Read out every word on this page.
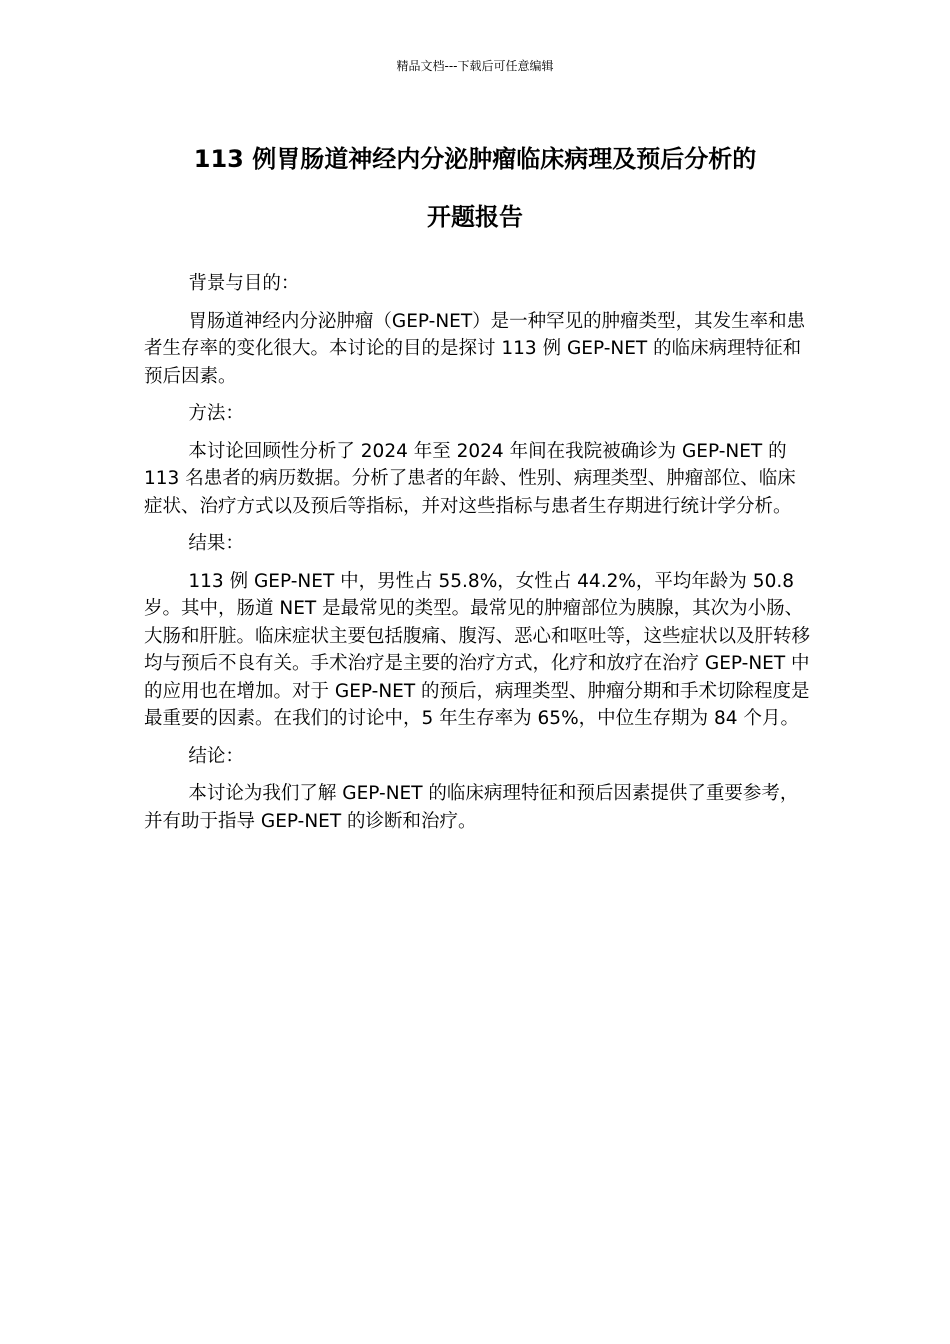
精品文档---下载后可任意编辑
113 例胃肠道神经内分泌肿瘤临床病理及预后分析的
开题报告

背景与目的：

胃肠道神经内分泌肿瘤（GEP-NET）是一种罕见的肿瘤类型，其发生率和患者生存率的变化很大。本讨论的目的是探讨 113 例 GEP-NET 的临床病理特征和预后因素。

方法：

本讨论回顾性分析了 2024 年至 2024 年间在我院被确诊为 GEP-NET 的 113 名患者的病历数据。分析了患者的年龄、性别、病理类型、肿瘤部位、临床症状、治疗方式以及预后等指标，并对这些指标与患者生存期进行统计学分析。

结果：

113 例 GEP-NET 中，男性占 55.8%，女性占 44.2%，平均年龄为 50.8 岁。其中，肠道 NET 是最常见的类型。最常见的肿瘤部位为胰腺，其次为小肠、大肠和肝脏。临床症状主要包括腹痛、腹泻、恶心和呕吐等，这些症状以及肝转移均与预后不良有关。手术治疗是主要的治疗方式，化疗和放疗在治疗 GEP-NET 中的应用也在增加。对于 GEP-NET 的预后，病理类型、肿瘤分期和手术切除程度是最重要的因素。在我们的讨论中，5 年生存率为 65%，中位生存期为 84 个月。

结论：

本讨论为我们了解 GEP-NET 的临床病理特征和预后因素提供了重要参考，并有助于指导 GEP-NET 的诊断和治疗。
